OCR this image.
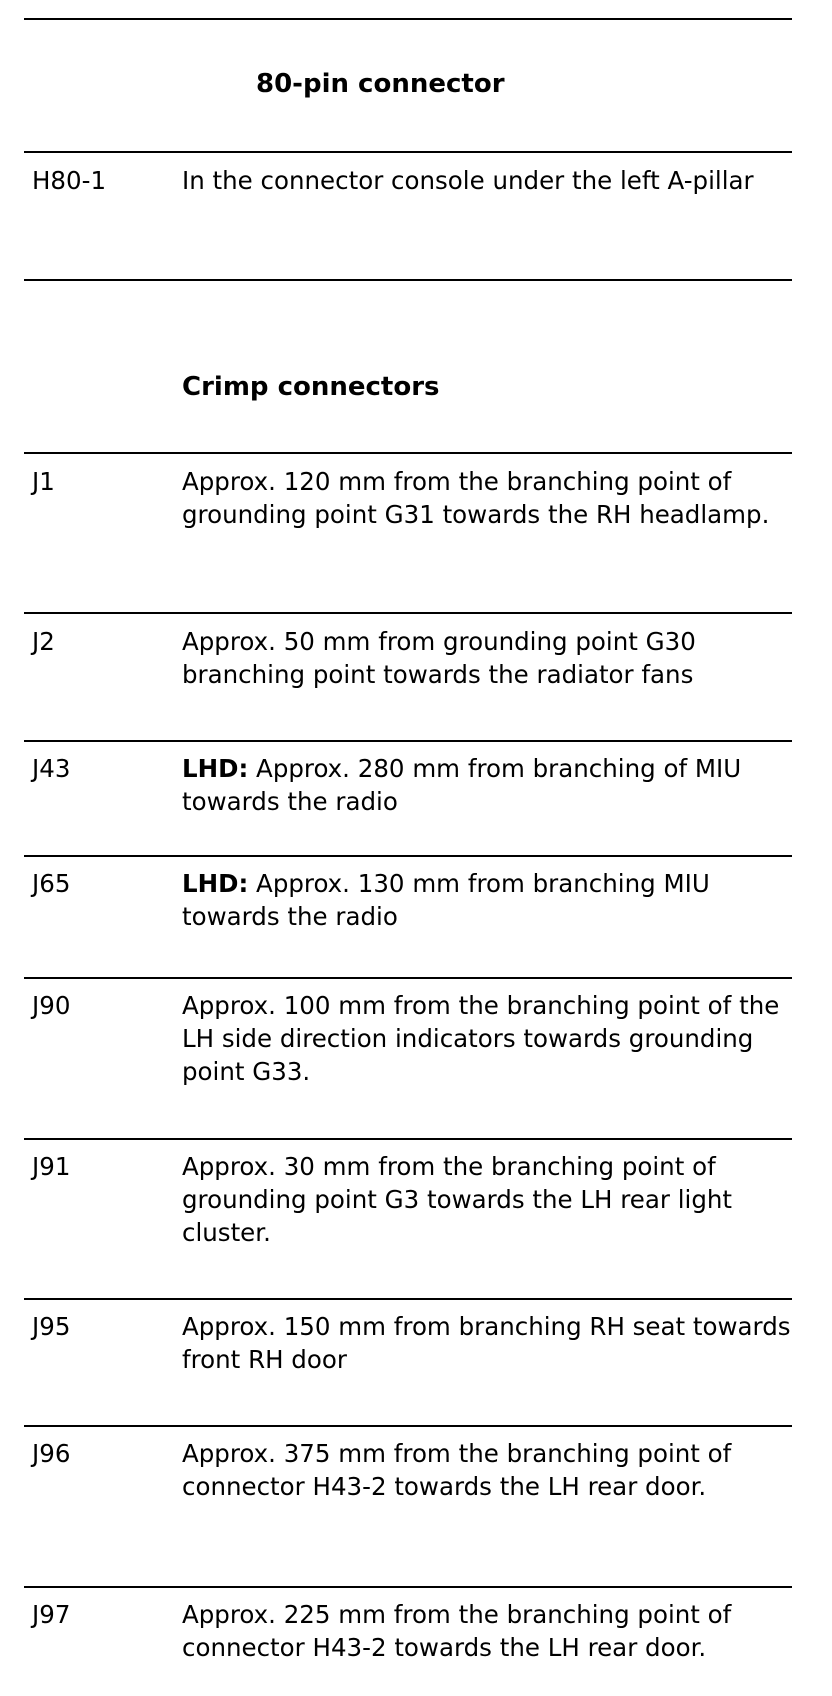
80-pin connector
H80-1	In the connector console under the left A-pillar
Crimp connectors
J1	Approx. 120 mm from the branching point of grounding point G31 towards the RH headlamp.
J2	Approx. 50 mm from grounding point G30 branching point towards the radiator fans
J43	LHD: Approx. 280 mm from branching of MIU towards the radio
J65	LHD: Approx. 130 mm from branching MIU towards the radio
J90	Approx. 100 mm from the branching point of the LH side direction indicators towards grounding point G33.
J91	Approx. 30 mm from the branching point of grounding point G3 towards the LH rear light cluster.
J95	Approx. 150 mm from branching RH seat towards front RH door
J96	Approx. 375 mm from the branching point of connector H43-2 towards the LH rear door.
J97	Approx. 225 mm from the branching point of connector H43-2 towards the LH rear door.
